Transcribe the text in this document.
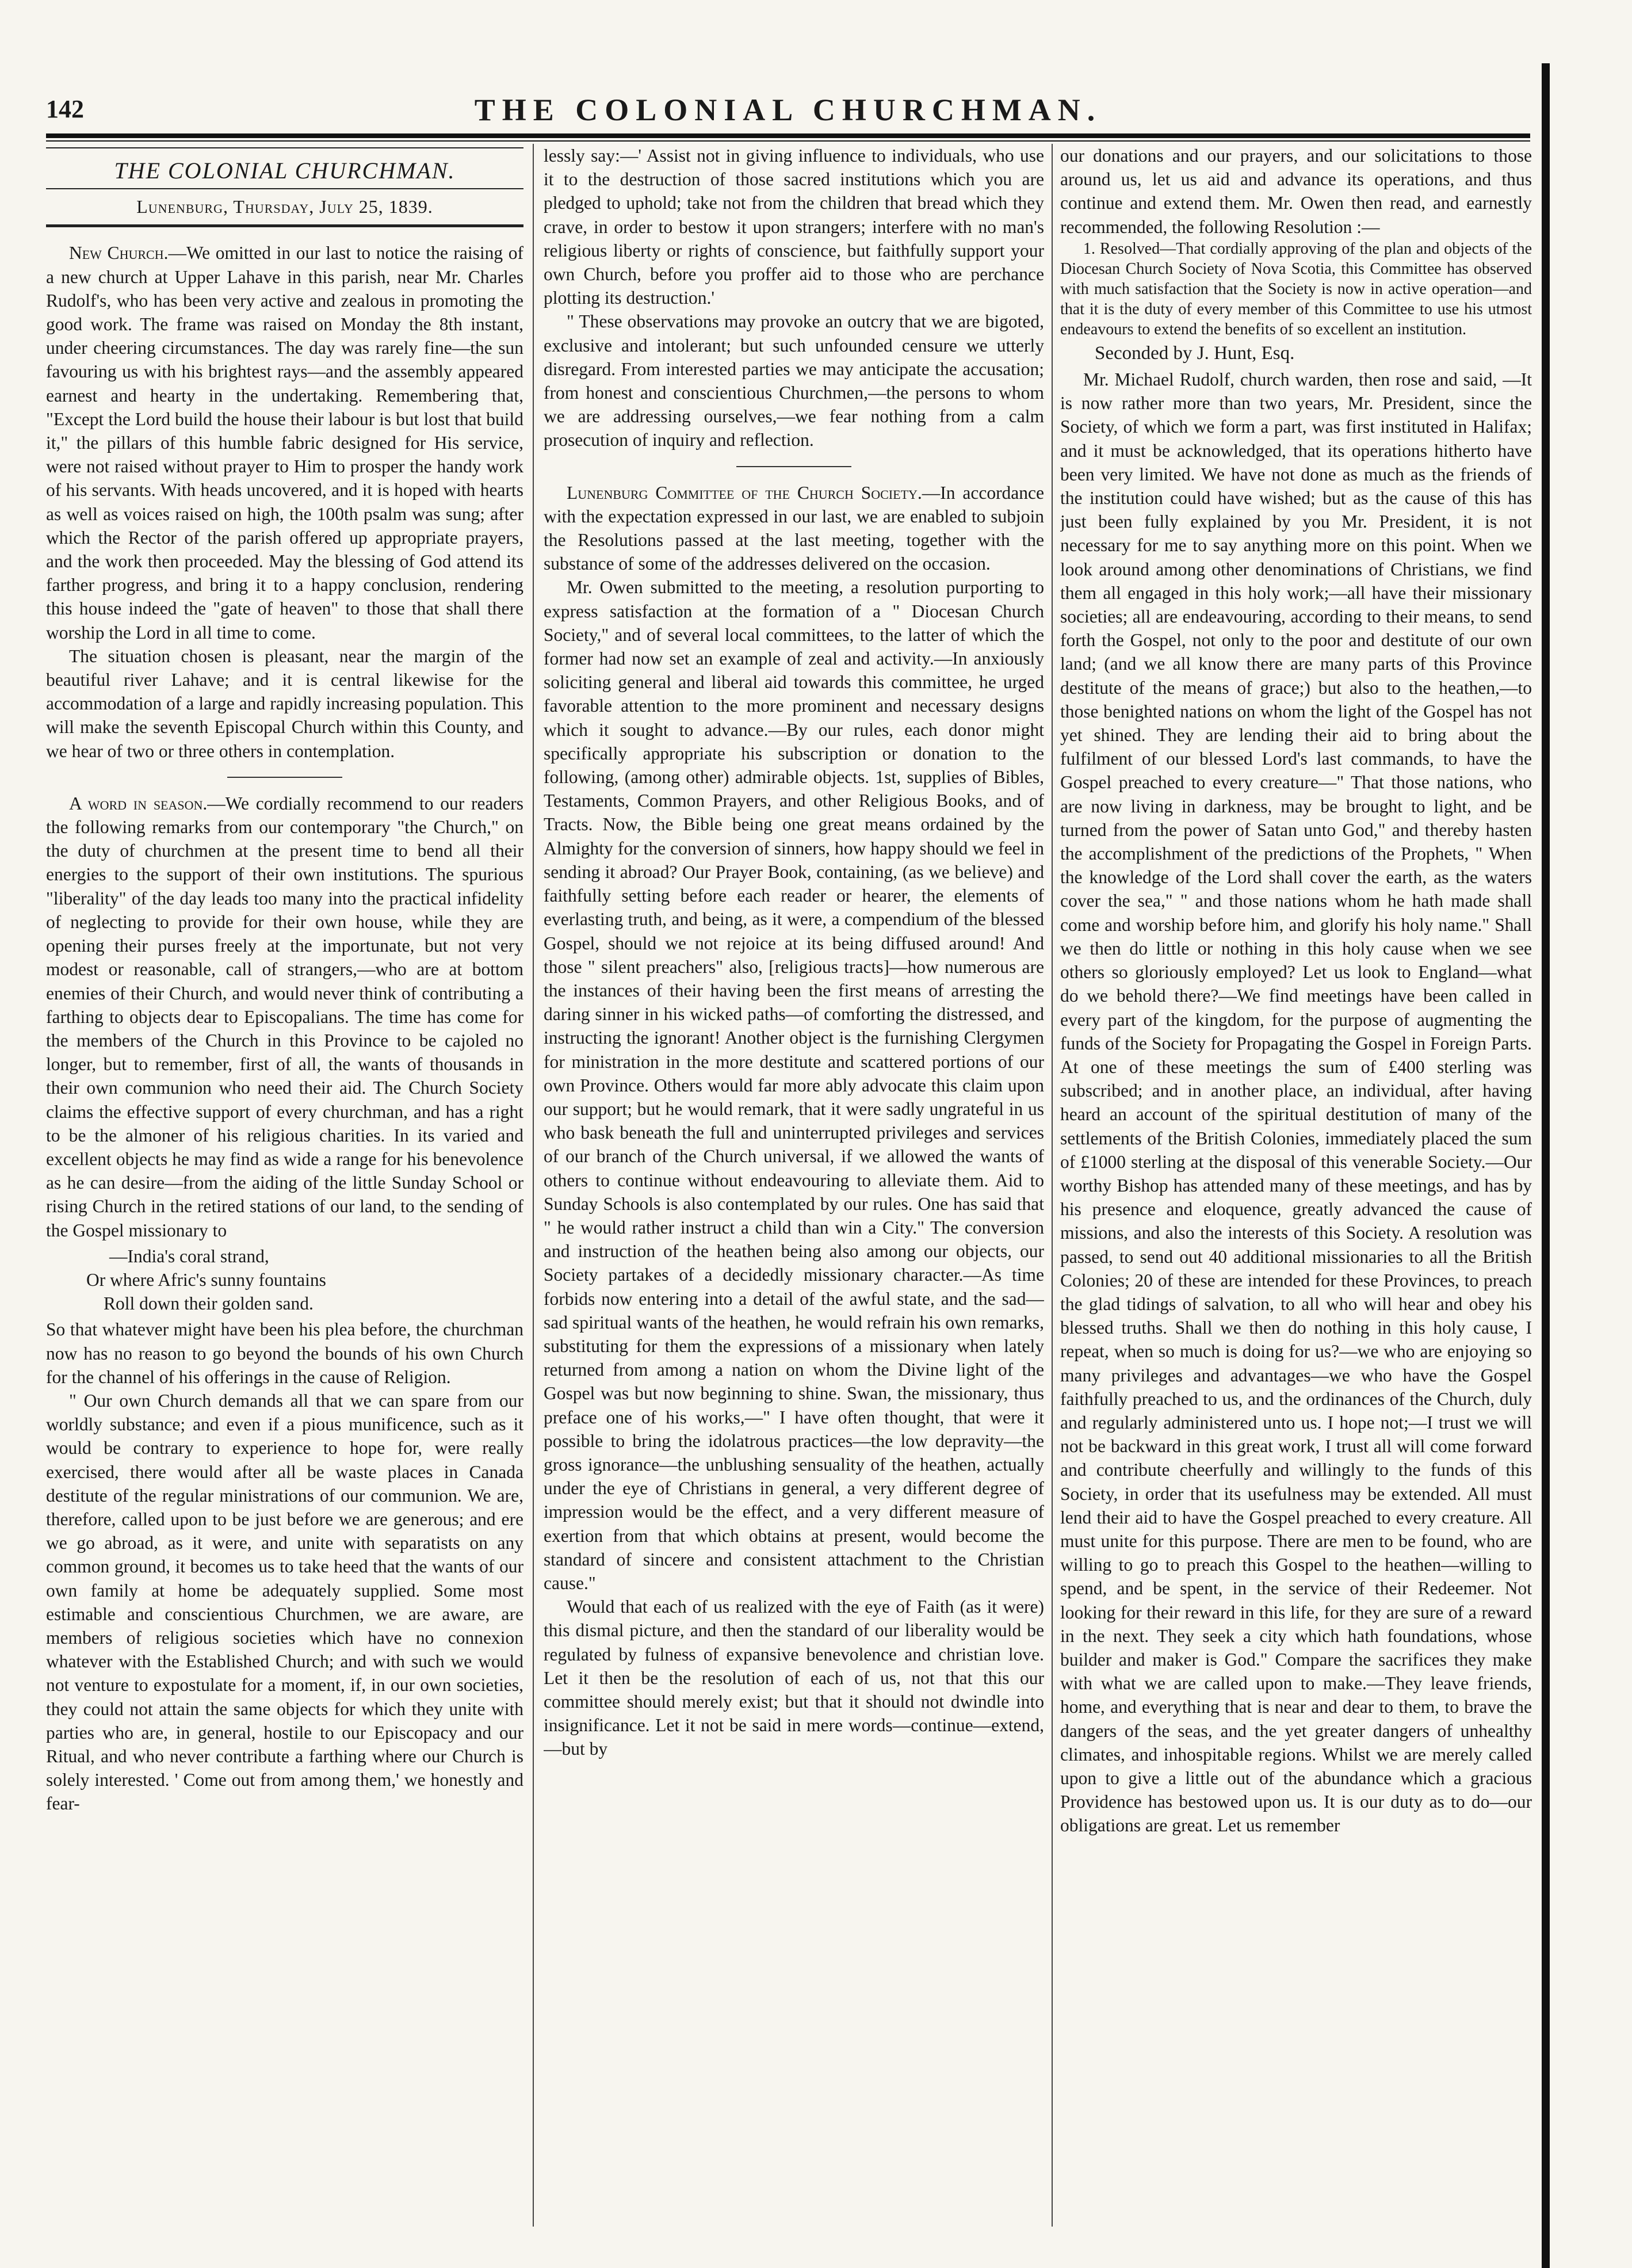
142	THE COLONIAL CHURCHMAN.
THE COLONIAL CHURCHMAN.
Lunenburg, Thursday, July 25, 1839.

New Church.—We omitted in our last to notice the raising of a new church at Upper Lahave in this parish, near Mr. Charles Rudolf's, who has been very active and zealous in promoting the good work. The frame was raised on Monday the 8th instant, under cheering circumstances. The day was rarely fine—the sun favouring us with his brightest rays—and the assembly appeared earnest and hearty in the undertaking. Remembering that, "Except the Lord build the house their labour is but lost that build it," the pillars of this humble fabric designed for His service, were not raised without prayer to Him to prosper the handy work of his servants. With heads uncovered, and it is hoped with hearts as well as voices raised on high, the 100th psalm was sung; after which the Rector of the parish offered up appropriate prayers, and the work then proceeded. May the blessing of God attend its farther progress, and bring it to a happy conclusion, rendering this house indeed the "gate of heaven" to those that shall there worship the Lord in all time to come.

The situation chosen is pleasant, near the margin of the beautiful river Lahave; and it is central likewise for the accommodation of a large and rapidly increasing population. This will make the seventh Episcopal Church within this County, and we hear of two or three others in contemplation.

A word in season.—We cordially recommend to our readers the following remarks from our contemporary "the Church," on the duty of churchmen at the present time to bend all their energies to the support of their own institutions. The spurious "liberality" of the day leads too many into the practical infidelity of neglecting to provide for their own house, while they are opening their purses freely at the importunate, but not very modest or reasonable, call of strangers,—who are at bottom enemies of their Church, and would never think of contributing a farthing to objects dear to Episcopalians. The time has come for the members of the Church in this Province to be cajoled no longer, but to remember, first of all, the wants of thousands in their own communion who need their aid. The Church Society claims the effective support of every churchman, and has a right to be the almoner of his religious charities. In its varied and excellent objects he may find as wide a range for his benevolence as he can desire—from the aiding of the little Sunday School or rising Church in the retired stations of our land, to the sending of the Gospel missionary to

—India's coral strand,
Or where Afric's sunny fountains
Roll down their golden sand.

So that whatever might have been his plea before, the churchman now has no reason to go beyond the bounds of his own Church for the channel of his offerings in the cause of Religion.

" Our own Church demands all that we can spare from our worldly substance; and even if a pious munificence, such as it would be contrary to experience to hope for, were really exercised, there would after all be waste places in Canada destitute of the regular ministrations of our communion. We are, therefore, called upon to be just before we are generous; and ere we go abroad, as it were, and unite with separatists on any common ground, it becomes us to take heed that the wants of our own family at home be adequately supplied. Some most estimable and conscientious Churchmen, we are aware, are members of religious societies which have no connexion whatever with the Established Church; and with such we would not venture to expostulate for a moment, if, in our own societies, they could not attain the same objects for which they unite with parties who are, in general, hostile to our Episcopacy and our Ritual, and who never contribute a farthing where our Church is solely interested. ' Come out from among them,' we honestly and fear-

lessly say:—' Assist not in giving influence to individuals, who use it to the destruction of those sacred institutions which you are pledged to uphold; take not from the children that bread which they crave, in order to bestow it upon strangers; interfere with no man's religious liberty or rights of conscience, but faithfully support your own Church, before you proffer aid to those who are perchance plotting its destruction.'

" These observations may provoke an outcry that we are bigoted, exclusive and intolerant; but such unfounded censure we utterly disregard. From interested parties we may anticipate the accusation; from honest and conscientious Churchmen,—the persons to whom we are addressing ourselves,—we fear nothing from a calm prosecution of inquiry and reflection.

Lunenburg Committee of the Church Society.—In accordance with the expectation expressed in our last, we are enabled to subjoin the Resolutions passed at the last meeting, together with the substance of some of the addresses delivered on the occasion.

Mr. Owen submitted to the meeting, a resolution purporting to express satisfaction at the formation of a " Diocesan Church Society," and of several local committees, to the latter of which the former had now set an example of zeal and activity.—In anxiously soliciting general and liberal aid towards this committee, he urged favorable attention to the more prominent and necessary designs which it sought to advance.—By our rules, each donor might specifically appropriate his subscription or donation to the following, (among other) admirable objects. 1st, supplies of Bibles, Testaments, Common Prayers, and other Religious Books, and of Tracts. Now, the Bible being one great means ordained by the Almighty for the conversion of sinners, how happy should we feel in sending it abroad? Our Prayer Book, containing, (as we believe) and faithfully setting before each reader or hearer, the elements of everlasting truth, and being, as it were, a compendium of the blessed Gospel, should we not rejoice at its being diffused around! And those " silent preachers" also, [religious tracts]—how numerous are the instances of their having been the first means of arresting the daring sinner in his wicked paths—of comforting the distressed, and instructing the ignorant! Another object is the furnishing Clergymen for ministration in the more destitute and scattered portions of our own Province. Others would far more ably advocate this claim upon our support; but he would remark, that it were sadly ungrateful in us who bask beneath the full and uninterrupted privileges and services of our branch of the Church universal, if we allowed the wants of others to continue without endeavouring to alleviate them. Aid to Sunday Schools is also contemplated by our rules. One has said that " he would rather instruct a child than win a City." The conversion and instruction of the heathen being also among our objects, our Society partakes of a decidedly missionary character.—As time forbids now entering into a detail of the awful state, and the sad—sad spiritual wants of the heathen, he would refrain his own remarks, substituting for them the expressions of a missionary when lately returned from among a nation on whom the Divine light of the Gospel was but now beginning to shine. Swan, the missionary, thus preface one of his works,—" I have often thought, that were it possible to bring the idolatrous practices—the low depravity—the gross ignorance—the unblushing sensuality of the heathen, actually under the eye of Christians in general, a very different degree of impression would be the effect, and a very different measure of exertion from that which obtains at present, would become the standard of sincere and consistent attachment to the Christian cause."

Would that each of us realized with the eye of Faith (as it were) this dismal picture, and then the standard of our liberality would be regulated by fulness of expansive benevolence and christian love. Let it then be the resolution of each of us, not that this our committee should merely exist; but that it should not dwindle into insignificance. Let it not be said in mere words—continue—extend,—but by

our donations and our prayers, and our solicitations to those around us, let us aid and advance its operations, and thus continue and extend them. Mr. Owen then read, and earnestly recommended, the following Resolution :—

1. Resolved—That cordially approving of the plan and objects of the Diocesan Church Society of Nova Scotia, this Committee has observed with much satisfaction that the Society is now in active operation—and that it is the duty of every member of this Committee to use his utmost endeavours to extend the benefits of so excellent an institution.

Seconded by J. Hunt, Esq.

Mr. Michael Rudolf, church warden, then rose and said, —It is now rather more than two years, Mr. President, since the Society, of which we form a part, was first instituted in Halifax; and it must be acknowledged, that its operations hitherto have been very limited. We have not done as much as the friends of the institution could have wished; but as the cause of this has just been fully explained by you Mr. President, it is not necessary for me to say anything more on this point. When we look around among other denominations of Christians, we find them all engaged in this holy work;—all have their missionary societies; all are endeavouring, according to their means, to send forth the Gospel, not only to the poor and destitute of our own land; (and we all know there are many parts of this Province destitute of the means of grace;) but also to the heathen,—to those benighted nations on whom the light of the Gospel has not yet shined. They are lending their aid to bring about the fulfilment of our blessed Lord's last commands, to have the Gospel preached to every creature—" That those nations, who are now living in darkness, may be brought to light, and be turned from the power of Satan unto God," and thereby hasten the accomplishment of the predictions of the Prophets, " When the knowledge of the Lord shall cover the earth, as the waters cover the sea," " and those nations whom he hath made shall come and worship before him, and glorify his holy name." Shall we then do little or nothing in this holy cause when we see others so gloriously employed? Let us look to England—what do we behold there?—We find meetings have been called in every part of the kingdom, for the purpose of augmenting the funds of the Society for Propagating the Gospel in Foreign Parts. At one of these meetings the sum of £400 sterling was subscribed; and in another place, an individual, after having heard an account of the spiritual destitution of many of the settlements of the British Colonies, immediately placed the sum of £1000 sterling at the disposal of this venerable Society.—Our worthy Bishop has attended many of these meetings, and has by his presence and eloquence, greatly advanced the cause of missions, and also the interests of this Society. A resolution was passed, to send out 40 additional missionaries to all the British Colonies; 20 of these are intended for these Provinces, to preach the glad tidings of salvation, to all who will hear and obey his blessed truths. Shall we then do nothing in this holy cause, I repeat, when so much is doing for us?—we who are enjoying so many privileges and advantages—we who have the Gospel faithfully preached to us, and the ordinances of the Church, duly and regularly administered unto us. I hope not;—I trust we will not be backward in this great work, I trust all will come forward and contribute cheerfully and willingly to the funds of this Society, in order that its usefulness may be extended. All must lend their aid to have the Gospel preached to every creature. All must unite for this purpose. There are men to be found, who are willing to go to preach this Gospel to the heathen—willing to spend, and be spent, in the service of their Redeemer. Not looking for their reward in this life, for they are sure of a reward in the next. They seek a city which hath foundations, whose builder and maker is God." Compare the sacrifices they make with what we are called upon to make.—They leave friends, home, and everything that is near and dear to them, to brave the dangers of the seas, and the yet greater dangers of unhealthy climates, and inhospitable regions. Whilst we are merely called upon to give a little out of the abundance which a gracious Providence has bestowed upon us. It is our duty as to do—our obligations are great. Let us remember
